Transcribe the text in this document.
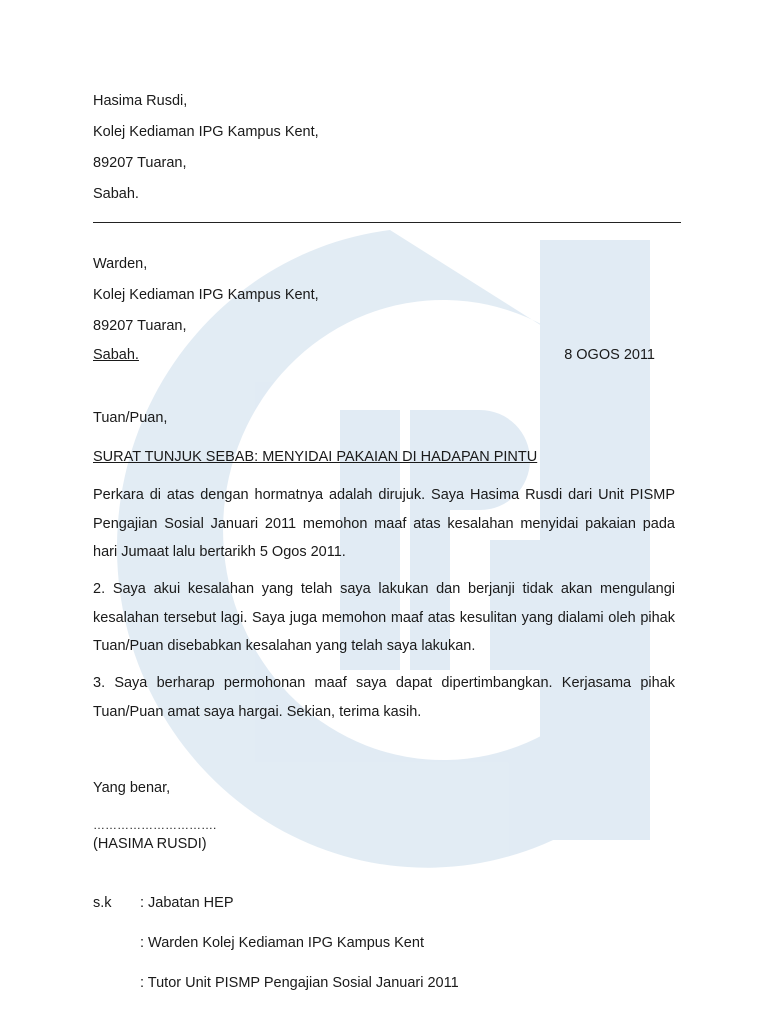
Hasima Rusdi,
Kolej Kediaman IPG Kampus Kent,
89207 Tuaran,
Sabah.
Warden,
Kolej Kediaman IPG Kampus Kent,
89207 Tuaran,
Sabah.	8 OGOS 2011
Tuan/Puan,
SURAT TUNJUK SEBAB: MENYIDAI PAKAIAN DI HADAPAN PINTU

Perkara di atas dengan hormatnya adalah dirujuk. Saya Hasima Rusdi dari Unit PISMP Pengajian Sosial Januari 2011 memohon maaf atas kesalahan menyidai pakaian pada hari Jumaat lalu bertarikh 5 Ogos 2011.

2. Saya akui kesalahan yang telah saya lakukan dan berjanji tidak akan mengulangi kesalahan tersebut lagi. Saya juga memohon maaf atas kesulitan yang dialami oleh pihak Tuan/Puan disebabkan kesalahan yang telah saya lakukan.

3. Saya berharap permohonan maaf saya dapat dipertimbangkan. Kerjasama pihak Tuan/Puan amat saya hargai. Sekian, terima kasih.

Yang benar,
………………………….
(HASIMA RUSDI)
s.k : Jabatan HEP
: Warden Kolej Kediaman IPG Kampus Kent
: Tutor Unit PISMP Pengajian Sosial Januari 2011
